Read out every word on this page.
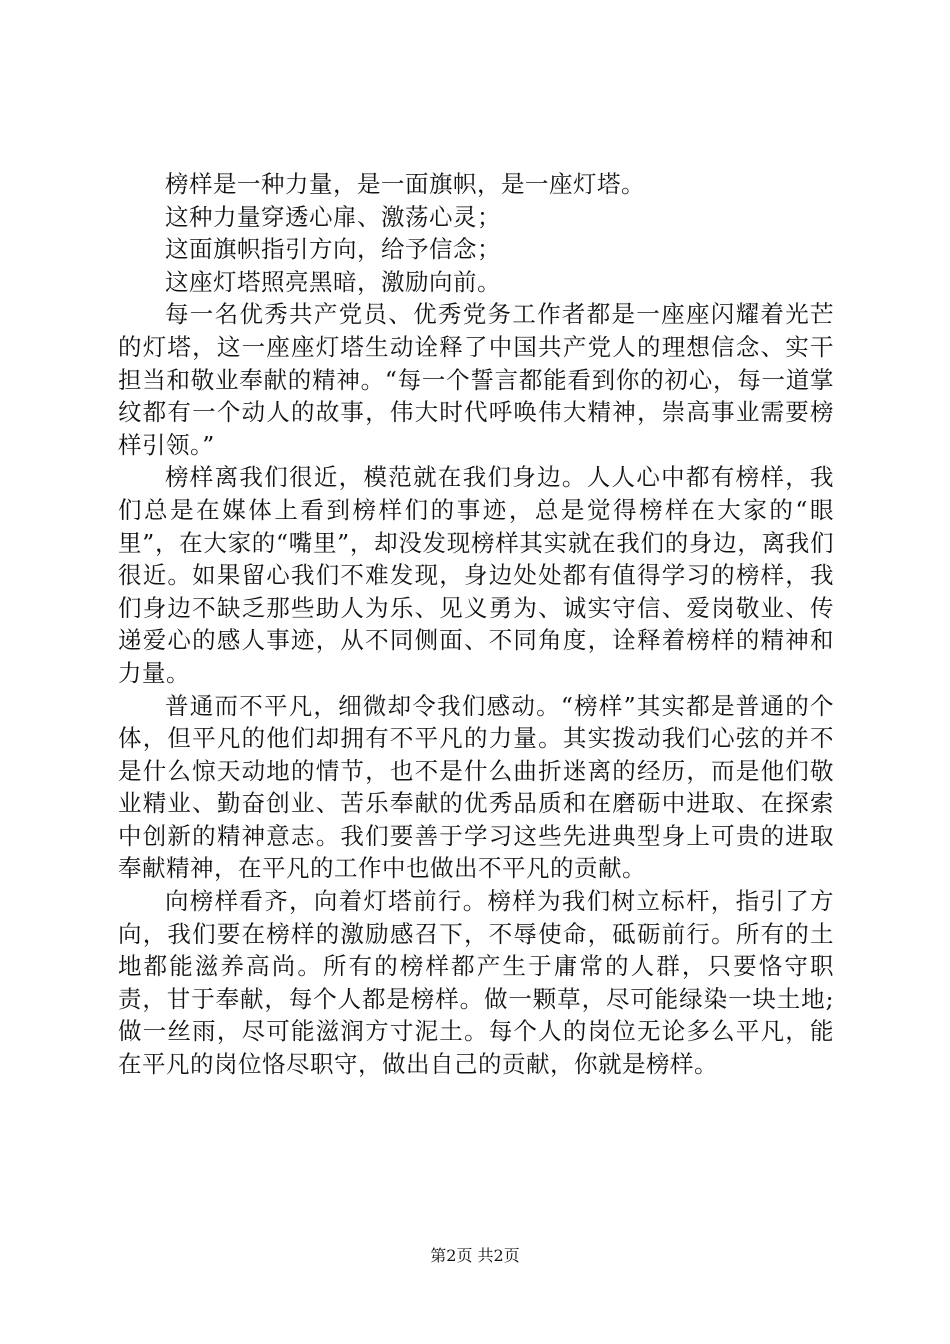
榜样是一种力量，是一面旗帜，是一座灯塔。

这种力量穿透心扉、激荡心灵；

这面旗帜指引方向，给予信念；

这座灯塔照亮黑暗，激励向前。

每一名优秀共产党员、优秀党务工作者都是一座座闪耀着光芒的灯塔，这一座座灯塔生动诠释了中国共产党人的理想信念、实干担当和敬业奉献的精神。“每一个誓言都能看到你的初心，每一道掌纹都有一个动人的故事，伟大时代呼唤伟大精神，崇高事业需要榜样引领。”

榜样离我们很近，模范就在我们身边。人人心中都有榜样，我们总是在媒体上看到榜样们的事迹，总是觉得榜样在大家的“眼里”，在大家的“嘴里”，却没发现榜样其实就在我们的身边，离我们很近。如果留心我们不难发现，身边处处都有值得学习的榜样，我们身边不缺乏那些助人为乐、见义勇为、诚实守信、爱岗敬业、传递爱心的感人事迹，从不同侧面、不同角度，诠释着榜样的精神和力量。

普通而不平凡，细微却令我们感动。“榜样”其实都是普通的个体，但平凡的他们却拥有不平凡的力量。其实拨动我们心弦的并不是什么惊天动地的情节，也不是什么曲折迷离的经历，而是他们敬业精业、勤奋创业、苦乐奉献的优秀品质和在磨砺中进取、在探索中创新的精神意志。我们要善于学习这些先进典型身上可贵的进取奉献精神，在平凡的工作中也做出不平凡的贡献。

向榜样看齐，向着灯塔前行。榜样为我们树立标杆，指引了方向，我们要在榜样的激励感召下，不辱使命，砥砺前行。所有的土地都能滋养高尚。所有的榜样都产生于庸常的人群，只要恪守职责，甘于奉献，每个人都是榜样。做一颗草，尽可能绿染一块土地;做一丝雨，尽可能滋润方寸泥土。每个人的岗位无论多么平凡，能在平凡的岗位恪尽职守，做出自己的贡献，你就是榜样。

第2页 共2页
